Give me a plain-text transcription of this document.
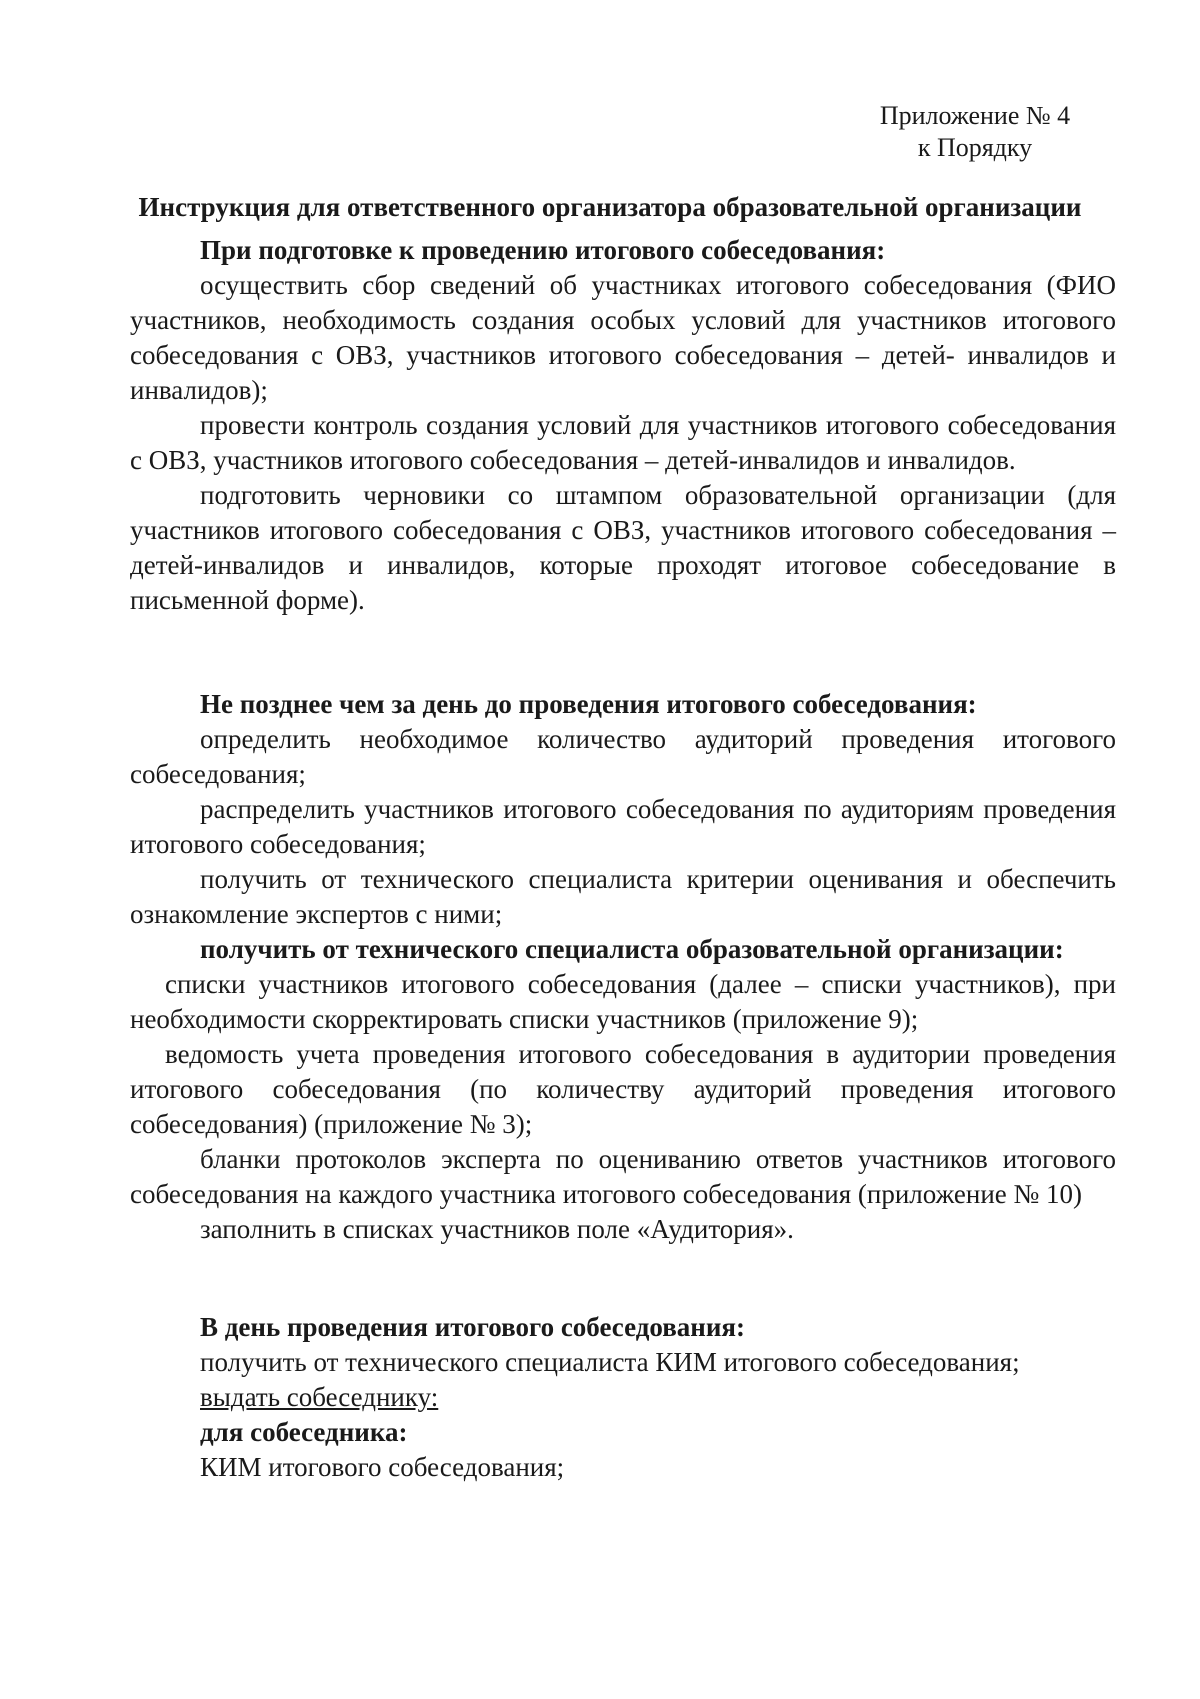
Приложение № 4
к Порядку
Инструкция для ответственного организатора образовательной организации

При подготовке к проведению итогового собеседования:

осуществить сбор сведений об участниках итогового собеседования (ФИО участников, необходимость создания особых условий для участников итогового собеседования с ОВЗ, участников итогового собеседования – детей- инвалидов и инвалидов);

провести контроль создания условий для участников итогового собеседования с ОВЗ, участников итогового собеседования – детей-инвалидов и инвалидов.

подготовить черновики со штампом образовательной организации (для участников итогового собеседования с ОВЗ, участников итогового собеседования – детей-инвалидов и инвалидов, которые проходят итоговое собеседование в письменной форме).

Не позднее чем за день до проведения итогового собеседования:

определить необходимое количество аудиторий проведения итогового собеседования;

распределить участников итогового собеседования по аудиториям проведения итогового собеседования;

получить от технического специалиста критерии оценивания и обеспечить ознакомление экспертов с ними;

получить от технического специалиста образовательной организации:

списки участников итогового собеседования (далее – списки участников), при необходимости скорректировать списки участников (приложение 9);

ведомость учета проведения итогового собеседования в аудитории проведения итогового собеседования (по количеству аудиторий проведения итогового собеседования) (приложение № 3);

бланки протоколов эксперта по оцениванию ответов участников итогового собеседования на каждого участника итогового собеседования (приложение № 10)

заполнить в списках участников поле «Аудитория».

В день проведения итогового собеседования:

получить от технического специалиста КИМ итогового собеседования;

выдать собеседнику:

для собеседника:

КИМ итогового собеседования;
